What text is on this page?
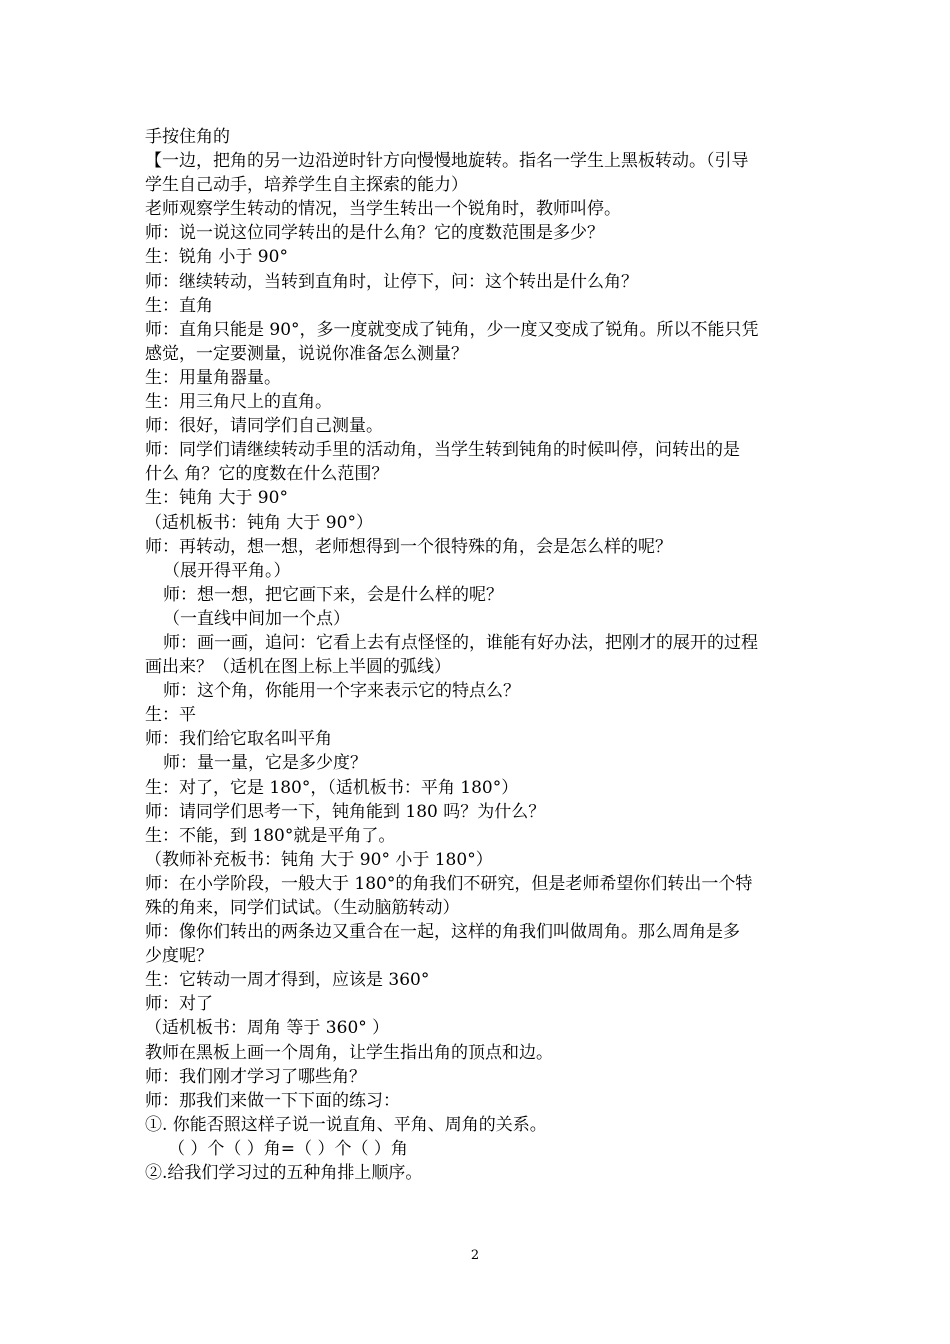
手按住角的
【一边，把角的另一边沿逆时针方向慢慢地旋转。指名一学生上黑板转动。（引导
学生自己动手，培养学生自主探索的能力）
老师观察学生转动的情况，当学生转出一个锐角时，教师叫停。
师：说一说这位同学转出的是什么角？它的度数范围是多少？
生：锐角 小于 90°
师：继续转动，当转到直角时，让停下，问：这个转出是什么角？
生：直角
师：直角只能是 90°，多一度就变成了钝角，少一度又变成了锐角。所以不能只凭
感觉，一定要测量，说说你准备怎么测量？
生：用量角器量。
生：用三角尺上的直角。
师：很好，请同学们自己测量。
师：同学们请继续转动手里的活动角，当学生转到钝角的时候叫停，问转出的是
什么 角？它的度数在什么范围？
生：钝角 大于 90°
（适机板书：钝角 大于 90°）
师：再转动，想一想，老师想得到一个很特殊的角，会是怎么样的呢？
（展开得平角。）
师：想一想，把它画下来，会是什么样的呢？
（一直线中间加一个点）
师：画一画，追问：它看上去有点怪怪的，谁能有好办法，把刚才的展开的过程
画出来？（适机在图上标上半圆的弧线）
师：这个角，你能用一个字来表示它的特点么？
生：平
师：我们给它取名叫平角
师：量一量，它是多少度？
生：对了，它是 180°，（适机板书：平角 180°）
师：请同学们思考一下，钝角能到 180 吗？为什么？
生：不能，到 180°就是平角了。
（教师补充板书：钝角 大于 90° 小于 180°）
师：在小学阶段，一般大于 180°的角我们不研究，但是老师希望你们转出一个特
殊的角来，同学们试试。（生动脑筋转动）
师：像你们转出的两条边又重合在一起，这样的角我们叫做周角。那么周角是多
少度呢？
生：它转动一周才得到，应该是 360°
师：对了
（适机板书：周角 等于 360° ）
教师在黑板上画一个周角，让学生指出角的顶点和边。
师：我们刚才学习了哪些角？
师：那我们来做一下下面的练习：
①. 你能否照这样子说一说直角、平角、周角的关系。
（ ）个（ ）角=（ ）个（ ）角
②.给我们学习过的五种角排上顺序。
2
